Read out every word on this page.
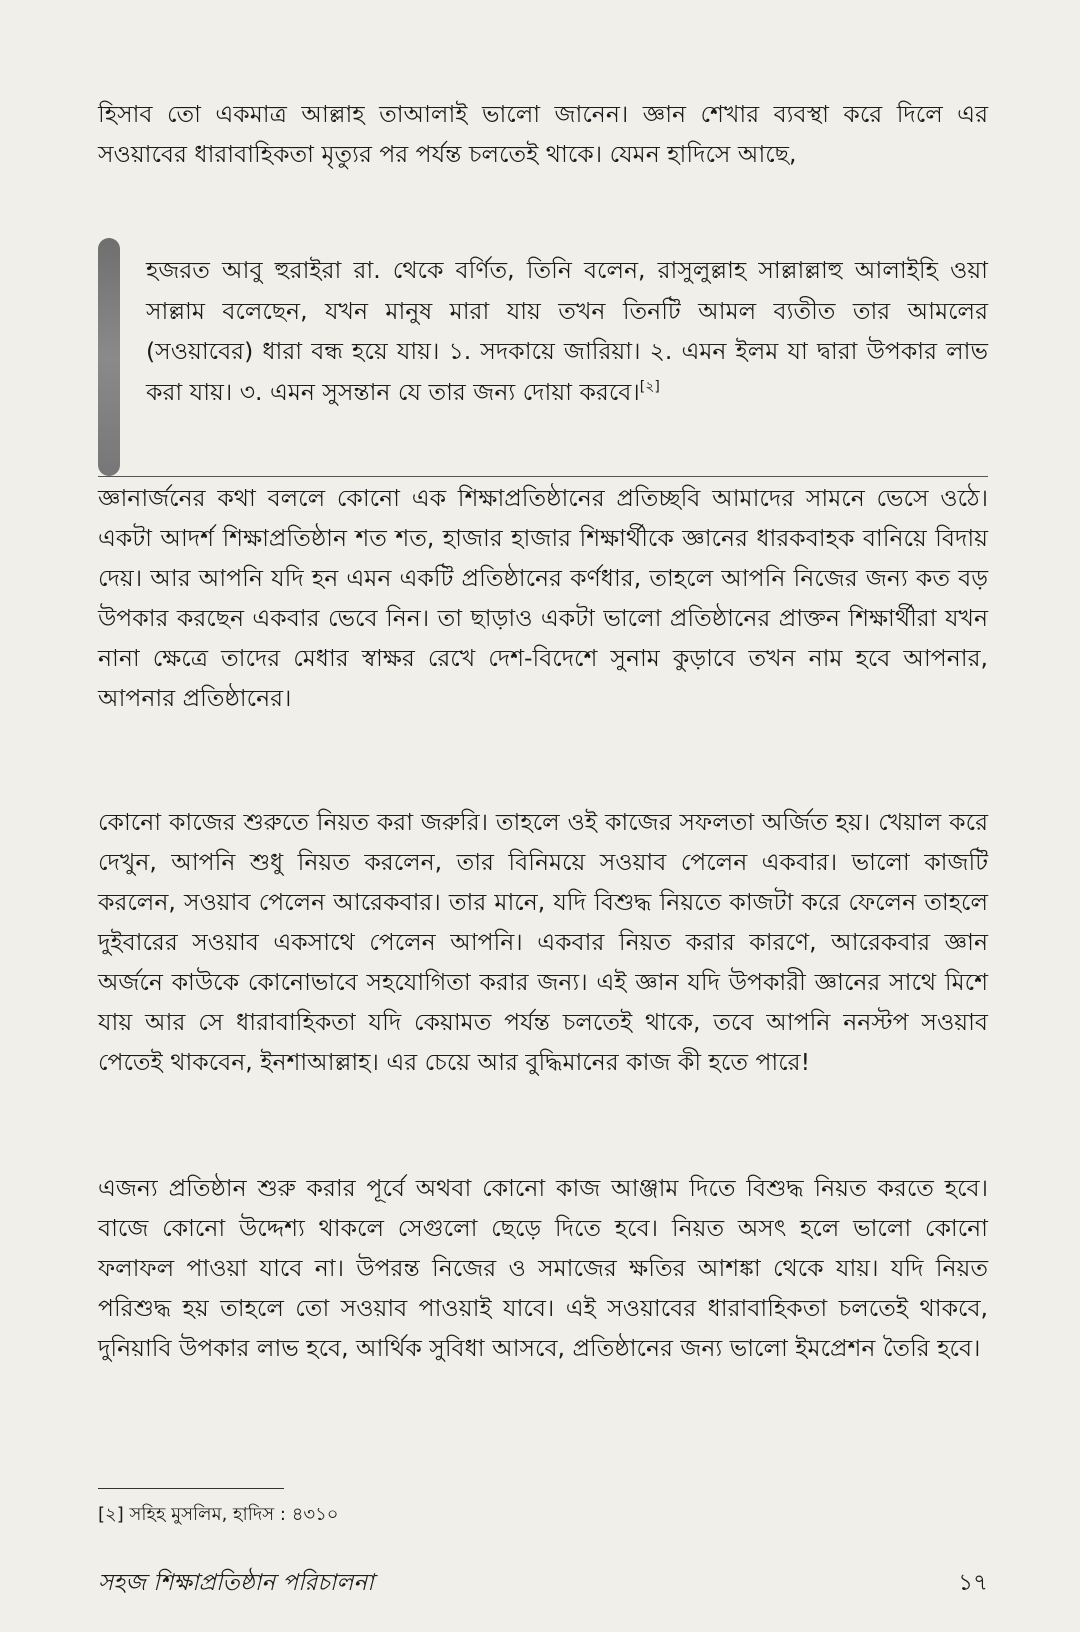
হিসাব তো একমাত্র আল্লাহ তাআলাই ভালো জানেন। জ্ঞান শেখার ব্যবস্থা করে দিলে এর সওয়াবের ধারাবাহিকতা মৃত্যুর পর পর্যন্ত চলতেই থাকে। যেমন হাদিসে আছে,

হজরত আবু হুরাইরা রা. থেকে বর্ণিত, তিনি বলেন, রাসুলুল্লাহ সাল্লাল্লাহু আলাইহি ওয়া সাল্লাম বলেছেন, যখন মানুষ মারা যায় তখন তিনটি আমল ব্যতীত তার আমলের (সওয়াবের) ধারা বন্ধ হয়ে যায়। ১. সদকায়ে জারিয়া। ২. এমন ইলম যা দ্বারা উপকার লাভ করা যায়। ৩. এমন সুসন্তান যে তার জন্য দোয়া করবে।[২]

জ্ঞানার্জনের কথা বললে কোনো এক শিক্ষাপ্রতিষ্ঠানের প্রতিচ্ছবি আমাদের সামনে ভেসে ওঠে। একটা আদর্শ শিক্ষাপ্রতিষ্ঠান শত শত, হাজার হাজার শিক্ষার্থীকে জ্ঞানের ধারকবাহক বানিয়ে বিদায় দেয়। আর আপনি যদি হন এমন একটি প্রতিষ্ঠানের কর্ণধার, তাহলে আপনি নিজের জন্য কত বড় উপকার করছেন একবার ভেবে নিন। তা ছাড়াও একটা ভালো প্রতিষ্ঠানের প্রাক্তন শিক্ষার্থীরা যখন নানা ক্ষেত্রে তাদের মেধার স্বাক্ষর রেখে দেশ-বিদেশে সুনাম কুড়াবে তখন নাম হবে আপনার, আপনার প্রতিষ্ঠানের।

কোনো কাজের শুরুতে নিয়ত করা জরুরি। তাহলে ওই কাজের সফলতা অর্জিত হয়। খেয়াল করে দেখুন, আপনি শুধু নিয়ত করলেন, তার বিনিময়ে সওয়াব পেলেন একবার। ভালো কাজটি করলেন, সওয়াব পেলেন আরেকবার। তার মানে, যদি বিশুদ্ধ নিয়তে কাজটা করে ফেলেন তাহলে দুইবারের সওয়াব একসাথে পেলেন আপনি। একবার নিয়ত করার কারণে, আরেকবার জ্ঞান অর্জনে কাউকে কোনোভাবে সহযোগিতা করার জন্য। এই জ্ঞান যদি উপকারী জ্ঞানের সাথে মিশে যায় আর সে ধারাবাহিকতা যদি কেয়ামত পর্যন্ত চলতেই থাকে, তবে আপনি ননস্টপ সওয়াব পেতেই থাকবেন, ইনশাআল্লাহ। এর চেয়ে আর বুদ্ধিমানের কাজ কী হতে পারে!

এজন্য প্রতিষ্ঠান শুরু করার পূর্বে অথবা কোনো কাজ আঞ্জাম দিতে বিশুদ্ধ নিয়ত করতে হবে। বাজে কোনো উদ্দেশ্য থাকলে সেগুলো ছেড়ে দিতে হবে। নিয়ত অসৎ হলে ভালো কোনো ফলাফল পাওয়া যাবে না। উপরন্ত নিজের ও সমাজের ক্ষতির আশঙ্কা থেকে যায়। যদি নিয়ত পরিশুদ্ধ হয় তাহলে তো সওয়াব পাওয়াই যাবে। এই সওয়াবের ধারাবাহিকতা চলতেই থাকবে, দুনিয়াবি উপকার লাভ হবে, আর্থিক সুবিধা আসবে, প্রতিষ্ঠানের জন্য ভালো ইমপ্রেশন তৈরি হবে।

[২] সহিহ মুসলিম, হাদিস : ৪৩১০

সহজ শিক্ষাপ্রতিষ্ঠান পরিচালনা	১৭
